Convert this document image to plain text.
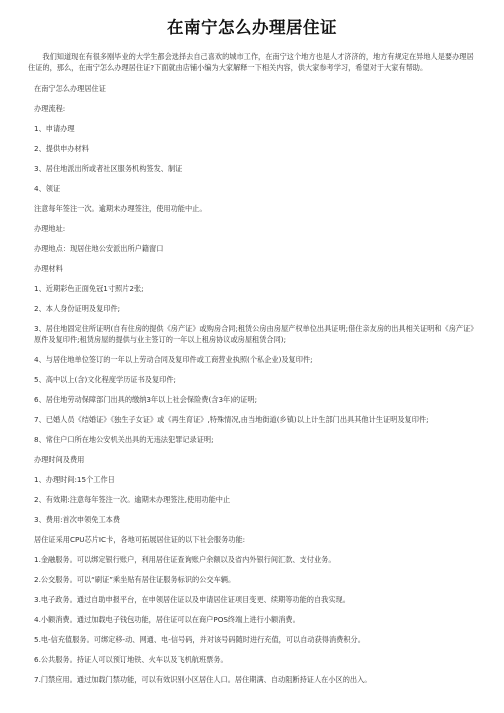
在南宁怎么办理居住证

我们知道现在有很多刚毕业的大学生都会选择去自己喜欢的城市工作，在南宁这个地方也是人才济济的，地方有规定在异地人是要办理居住证的，那么，在南宁怎么办理居住证?下面就由店铺小编为大家解释一下相关内容，供大家参考学习，希望对于大家有帮助。

在南宁怎么办理居住证

办理流程:

1、申请办理

2、提供申办材料

3、居住地派出所或者社区服务机构签发、制证

4、领证

注意每年签注一次。逾期未办理签注，使用功能中止。

办理地址:

办理地点：现居住地公安派出所户籍窗口

办理材料

1、近期彩色正面免冠1寸照片2张;

2、本人身份证明及复印件;

3、居住地固定住所证明(自有住房的提供《房产证》或购房合同;租赁公房由房屋产权单位出具证明;借住亲友房的出具相关证明和《房产证》原件及复印件;租赁房屋的提供与业主签订的一年以上租房协议或房屋租赁合同);

4、与居住地单位签订的一年以上劳动合同及复印件或工商营业执照(个私企业)及复印件;

5、高中以上(含)文化程度学历证书及复印件;

6、居住地劳动保障部门出具的缴纳3年以上社会保险费(含3年)的证明;

7、已婚人员《结婚证》《独生子女证》或《再生育证》,特殊情况,由当地街道(乡镇)以上计生部门出具其他计生证明及复印件;

8、常住户口所在地公安机关出具的无违法犯罪记录证明;

办理时间及费用

1、办理时间:15个工作日

2、有效期:注意每年签注一次。逾期未办理签注,使用功能中止

3、费用:首次申领免工本费

居住证采用CPU芯片IC卡，各地可拓展居住证的以下社会服务功能:

1.金融服务。可以绑定银行账户，利用居住证查询账户余额以及省内外银行间汇款、支付业务。

2.公交服务。可以“刷证”乘坐贴有居住证服务标识的公交车辆。

3.电子政务。通过自助申报平台，在申领居住证以及申请居住证项目变更、续期等功能的自我实现。

4.小额消费。通过加载电子钱包功能，居住证可以在商户POS终端上进行小额消费。

5.电-信充值服务。可绑定移-动、网通、电-信号码，并对该号码随时进行充值，可以自动获得消费积分。

6.公共服务。持证人可以预订地铁、火车以及飞机航班票务。

7.门禁应用。通过加载门禁功能，可以有效识别小区居住人口。居住期满、自动阻断持证人在小区的出入。
